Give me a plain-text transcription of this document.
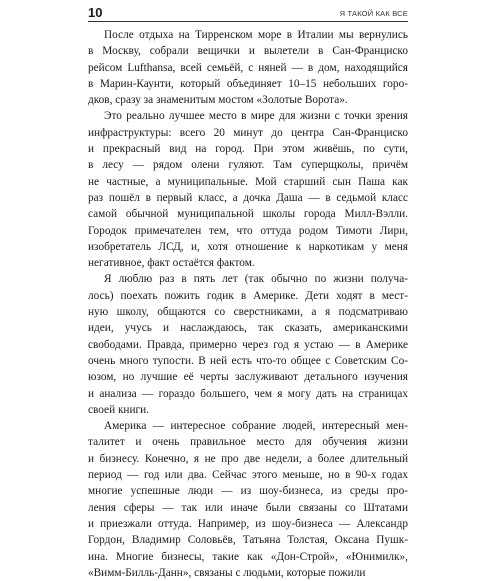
10	Я ТАКОЙ КАК ВСЕ
После отдыха на Тирренском море в Италии мы вернулись
в Москву, собрали вещички и вылетели в Сан-Франциско
рейсом Lufthansa, всей семьёй, с няней — в дом, находящийся
в Марин-Каунти, который объединяет 10–15 небольших горо-
дков, сразу за знаменитым мостом «Золотые Ворота».
Это реально лучшее место в мире для жизни с точки зрения
инфраструктуры: всего 20 минут до центра Сан-Франциско
и прекрасный вид на город. При этом живёшь, по сути,
в лесу — рядом олени гуляют. Там суперщколы, причём
не частные, а муниципальные. Мой старший сын Паша как
раз пошёл в первый класс, а дочка Даша — в седьмой класс
самой обычной муниципальной школы города Милл-Вэлли.
Городок примечателен тем, что оттуда родом Тимоти Лири,
изобретатель ЛСД, и, хотя отношение к наркотикам у меня
негативное, факт остаётся фактом.
Я люблю раз в пять лет (так обычно по жизни получа-
лось) поехать пожить годик в Америке. Дети ходят в мест-
ную школу, общаются со сверстниками, а я подсматриваю
идеи, учусь и наслаждаюсь, так сказать, американскими
свободами. Правда, примерно через год я устаю — в Америке
очень много тупости. В ней есть что-то общее с Советским Со-
юзом, но лучшие её черты заслуживают детального изучения
и анализа — гораздо большего, чем я могу дать на страницах
своей книги.
Америка — интересное собрание людей, интересный мен-
талитет и очень правильное место для обучения жизни
и бизнесу. Конечно, я не про две недели, а более длительный
период — год или два. Сейчас этого меньше, но в 90-х годах
многие успешные люди — из шоу-бизнеса, из среды про-
ления сферы — так или иначе были связаны со Штатами
и приезжали оттуда. Например, из шоу-бизнеса — Александр
Гордон, Владимир Соловьёв, Татьяна Толстая, Оксана Пушк-
ина. Многие бизнесы, такие как «Дон-Строй», «Юнимилк»,
«Вимм-Билль-Данн», связаны с людьми, которые пожили
